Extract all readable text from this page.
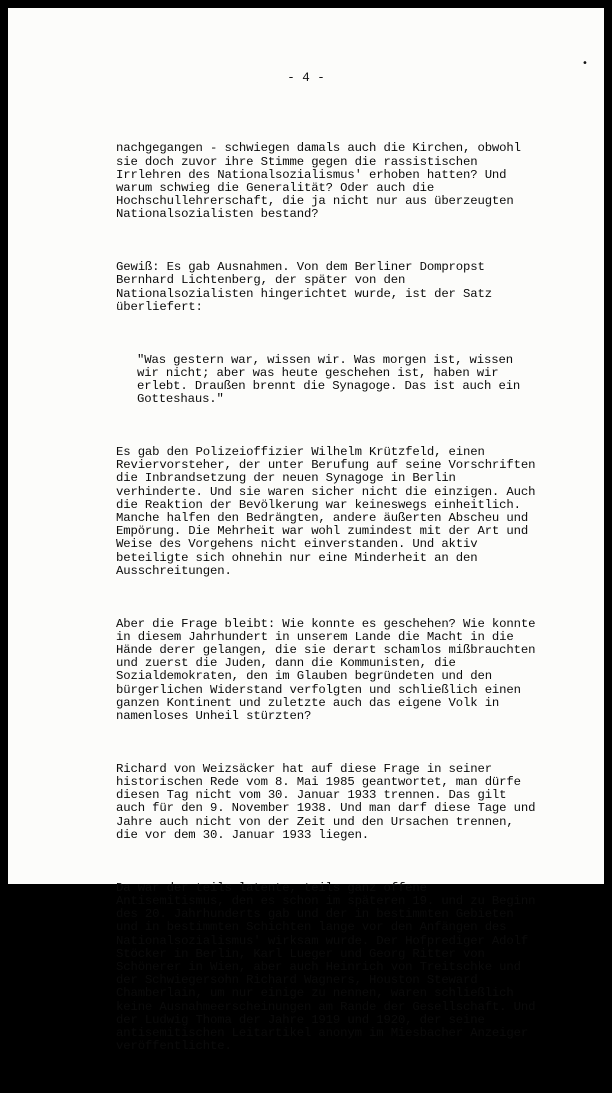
•
- 4 -

nachgegangen - schwiegen damals auch die Kirchen, obwohl
sie doch zuvor ihre Stimme gegen die rassistischen
Irrlehren des Nationalsozialismus' erhoben hatten? Und
warum schwieg die Generalität? Oder auch die
Hochschullehrerschaft, die ja nicht nur aus überzeugten
Nationalsozialisten bestand?

Gewiß: Es gab Ausnahmen. Von dem Berliner Dompropst
Bernhard Lichtenberg, der später von den
Nationalsozialisten hingerichtet wurde, ist der Satz
überliefert:

"Was gestern war, wissen wir. Was morgen ist, wissen
wir nicht; aber was heute geschehen ist, haben wir
erlebt. Draußen brennt die Synagoge. Das ist auch ein
Gotteshaus."

Es gab den Polizeioffizier Wilhelm Krützfeld, einen
Reviervorsteher, der unter Berufung auf seine Vorschriften
die Inbrandsetzung der neuen Synagoge in Berlin
verhinderte. Und sie waren sicher nicht die einzigen. Auch
die Reaktion der Bevölkerung war keineswegs einheitlich.
Manche halfen den Bedrängten, andere äußerten Abscheu und
Empörung. Die Mehrheit war wohl zumindest mit der Art und
Weise des Vorgehens nicht einverstanden. Und aktiv
beteiligte sich ohnehin nur eine Minderheit an den
Ausschreitungen.

Aber die Frage bleibt: Wie konnte es geschehen? Wie konnte
in diesem Jahrhundert in unserem Lande die Macht in die
Hände derer gelangen, die sie derart schamlos mißbrauchten
und zuerst die Juden, dann die Kommunisten, die
Sozialdemokraten, den im Glauben begründeten und den
bürgerlichen Widerstand verfolgten und schließlich einen
ganzen Kontinent und zuletzte auch das eigene Volk in
namenloses Unheil stürzten?

Richard von Weizsäcker hat auf diese Frage in seiner
historischen Rede vom 8. Mai 1985 geantwortet, man dürfe
diesen Tag nicht vom 30. Januar 1933 trennen. Das gilt
auch für den 9. November 1938. Und man darf diese Tage und
Jahre auch nicht von der Zeit und den Ursachen trennen,
die vor dem 30. Januar 1933 liegen.

Da war der teils latente, teils ganz offene
Antisemitismus, den es schon im späteren 19. und zu Beginn
des 20. Jahrhunderts gab und der in bestimmten Gebieten
und in bestimmten Schichten lange vor den Anfängen des
Nationalsozialismus' wirksam wurde. Der Hofprediger Adolf
Stöcker in Berlin, Karl Lueger und Georg Ritter von
Schönerer in Wien, aber auch Heinrich von Treitschke und
der Schwiegersohn Richard Wagners, Houston Steward
Chamberlain, um nur einige zu nennen, waren schließlich
keine Ausnahmeerscheinungen am Rande der Gesellschaft. Und
der Ludwig Thoma der Jahre 1919 und 1920, der seine
antisemitischen Leitartikel anonym im Miesbacher Anzeiger
veröffentlichte.
